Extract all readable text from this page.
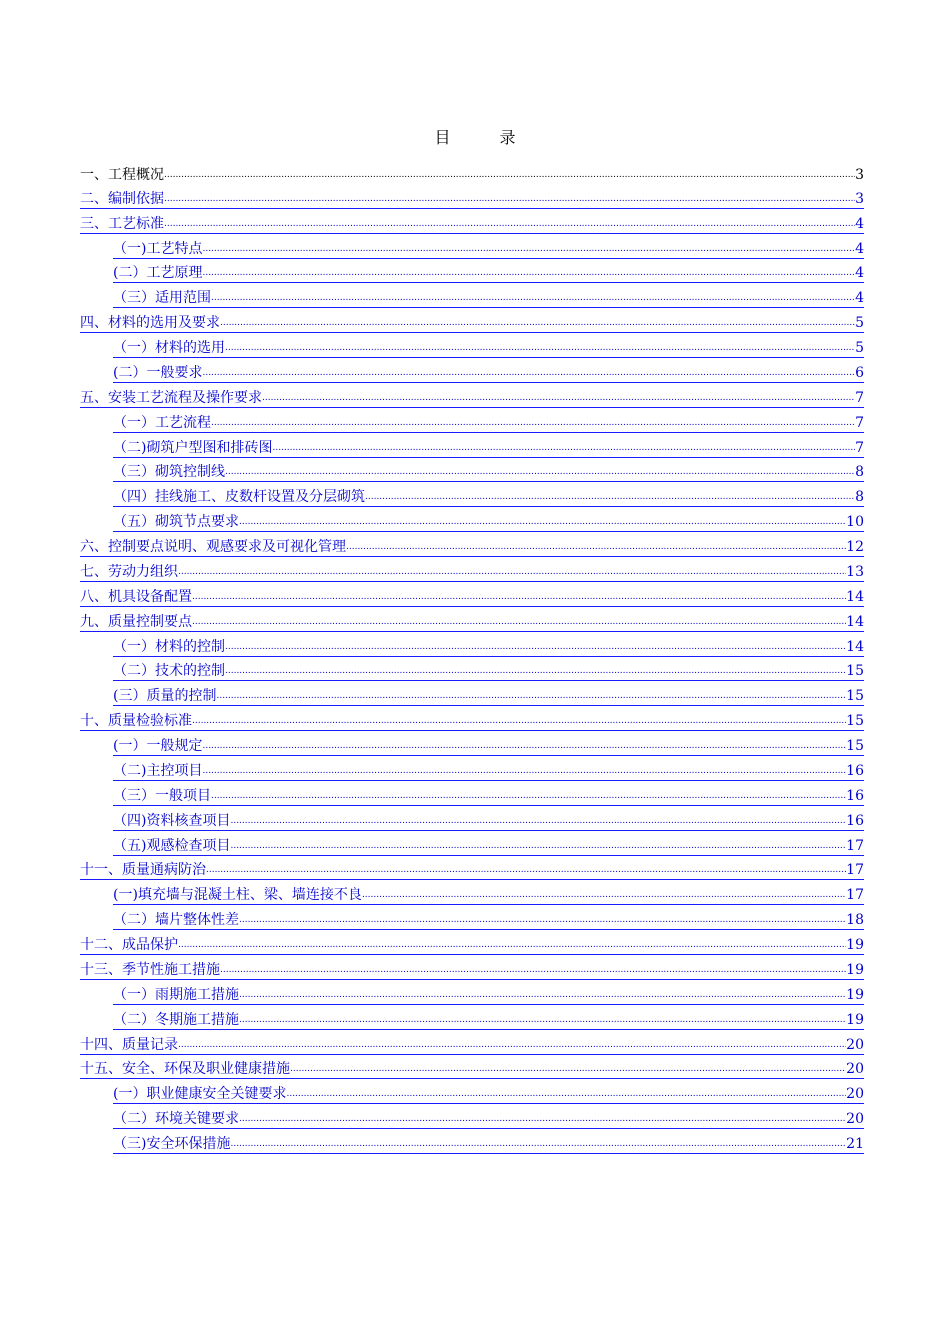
目 录
一、工程概况 .....	3
二、编制依据 .....	3
三、工艺标准 .....	4
（一)工艺特点 .....	4
(二）工艺原理 .....	4
（三）适用范围 .....	4
四、材料的选用及要求 .....	5
（一）材料的选用 .....	5
(二）一般要求 .....	6
五、安装工艺流程及操作要求 .....	7
（一）工艺流程 .....	7
（二)砌筑户型图和排砖图 .....	7
（三）砌筑控制线 .....	8
（四）挂线施工、皮数杆设置及分层砌筑 .....	8
（五）砌筑节点要求 .....	10
六、控制要点说明、观感要求及可视化管理 .....	12
七、劳动力组织 .....	13
八、机具设备配置 .....	14
九、质量控制要点 .....	14
（一）材料的控制 .....	14
（二）技术的控制 .....	15
(三）质量的控制 .....	15
十、质量检验标准 .....	15
(一）一般规定 .....	15
（二)主控项目 .....	16
（三）一般项目 .....	16
（四)资料核查项目 .....	16
（五)观感检查项目 .....	17
十一、质量通病防治 .....	17
(一)填充墙与混凝土柱、梁、墙连接不良 .....	17
（二）墙片整体性差 .....	18
十二、成品保护 .....	19
十三、季节性施工措施 .....	19
（一）雨期施工措施 .....	19
（二）冬期施工措施 .....	19
十四、质量记录 .....	20
十五、安全、环保及职业健康措施 .....	20
(一）职业健康安全关键要求 .....	20
（二）环境关键要求 .....	20
（三)安全环保措施 .....	21
